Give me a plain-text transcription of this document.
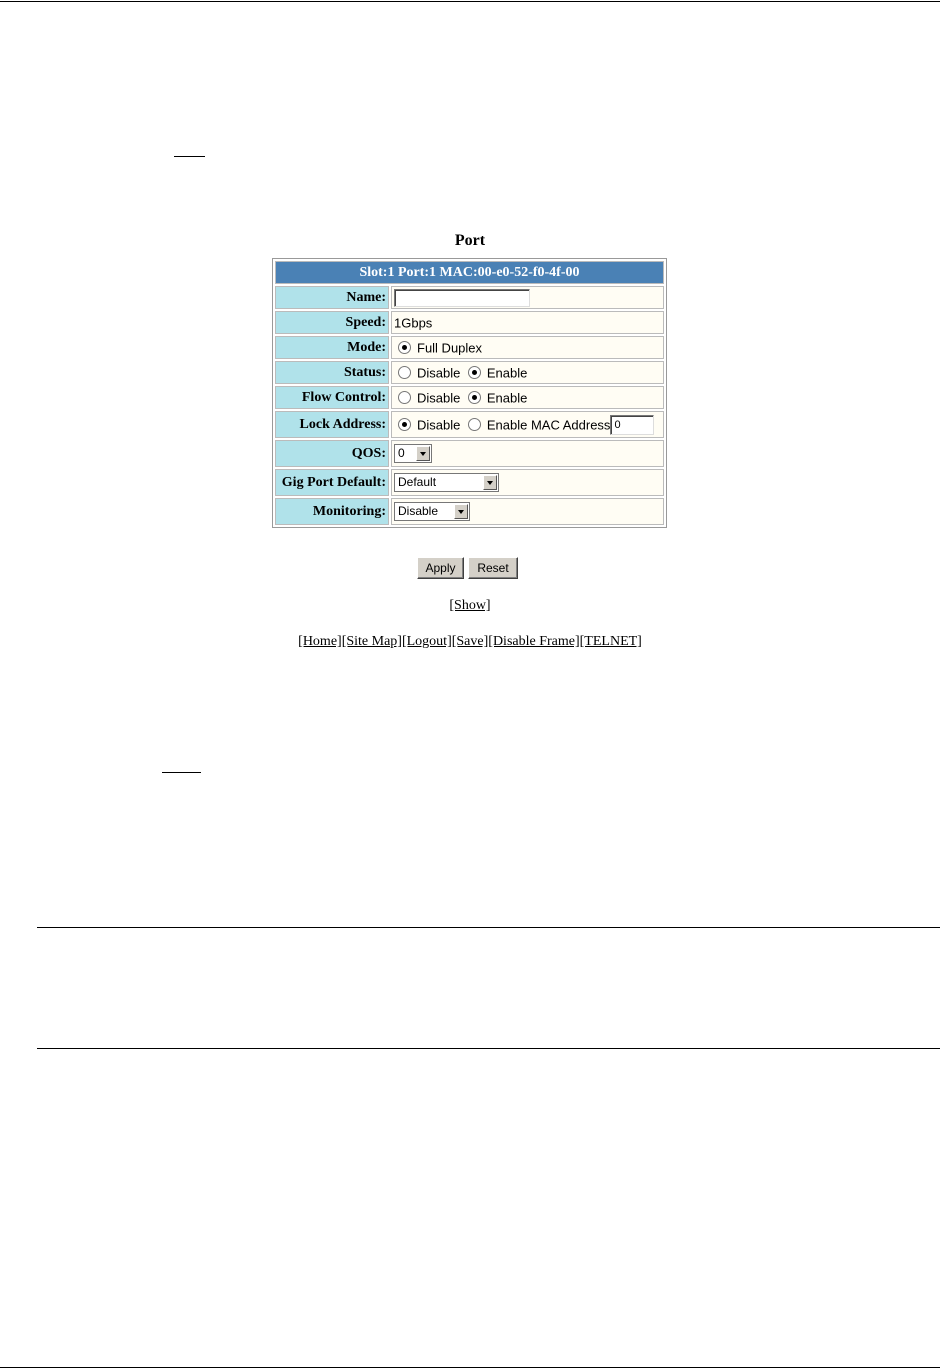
Port
Slot:1 Port:1 MAC:00-e0-52-f0-4f-00	
Name:	
Speed:	1Gbps
Mode:	Full Duplex
Status:	Disable Enable
Flow Control:	Disable Enable
Lock Address:	Disable Enable MAC Address 0
QOS:	0

Gig Port Default:	Default

Monitoring:	Disable
Apply	Reset
[Show]
[Home][Site Map][Logout][Save][Disable Frame][TELNET]
